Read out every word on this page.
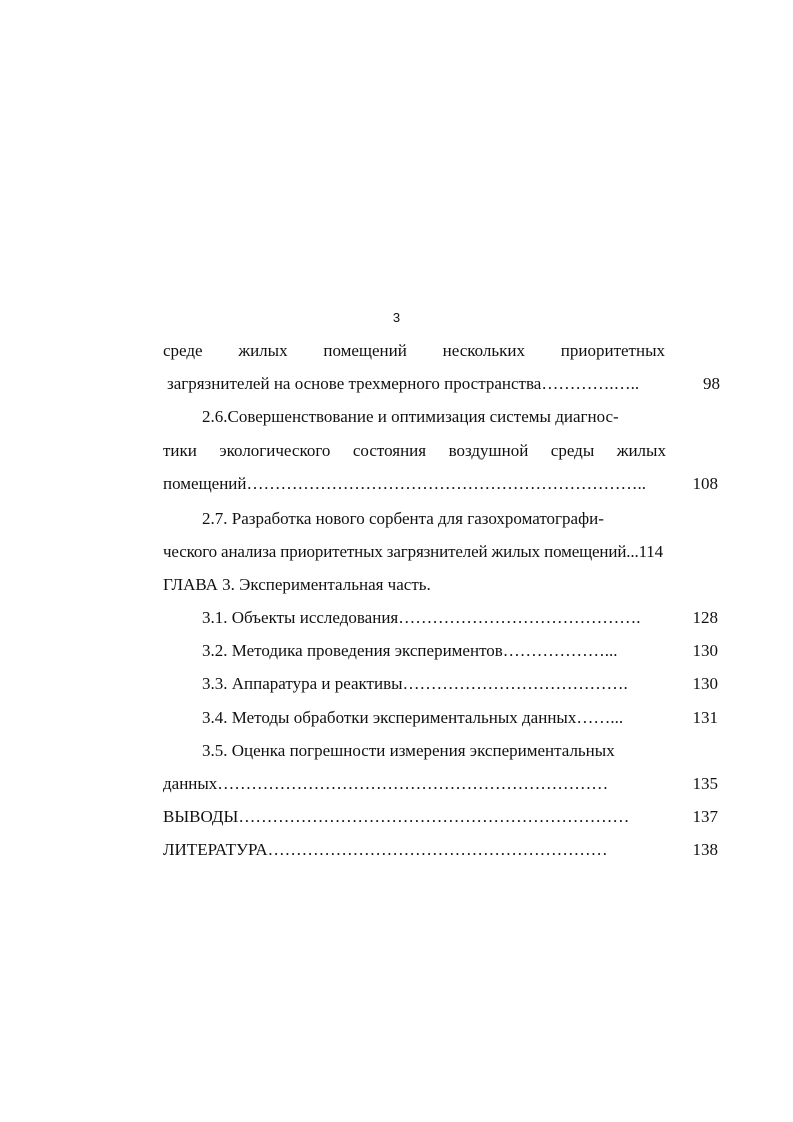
3
среде жилых помещений нескольких приоритетных
загрязнителей на основе трехмерного пространства………….…..	98
2.6.Совершенствование и оптимизация системы диагнос-
тики экологического состояния воздушной среды жилых
помещений……………………………………………………………..	108
2.7. Разработка нового сорбента для газохроматографи-
ческого анализа приоритетных загрязнителей жилых помещений...114
ГЛАВА 3. Экспериментальная часть.
3.1. Объекты исследования…………………………………….	128
3.2. Методика проведения экспериментов………………...	130
3.3. Аппаратура и реактивы………………………………….	130
3.4. Методы обработки экспериментальных данных……...	131
3.5. Оценка погрешности измерения экспериментальных
данных……………………………………………………………	135
ВЫВОДЫ……………………………………………………………	137
ЛИТЕРАТУРА……………………………………………………	138
